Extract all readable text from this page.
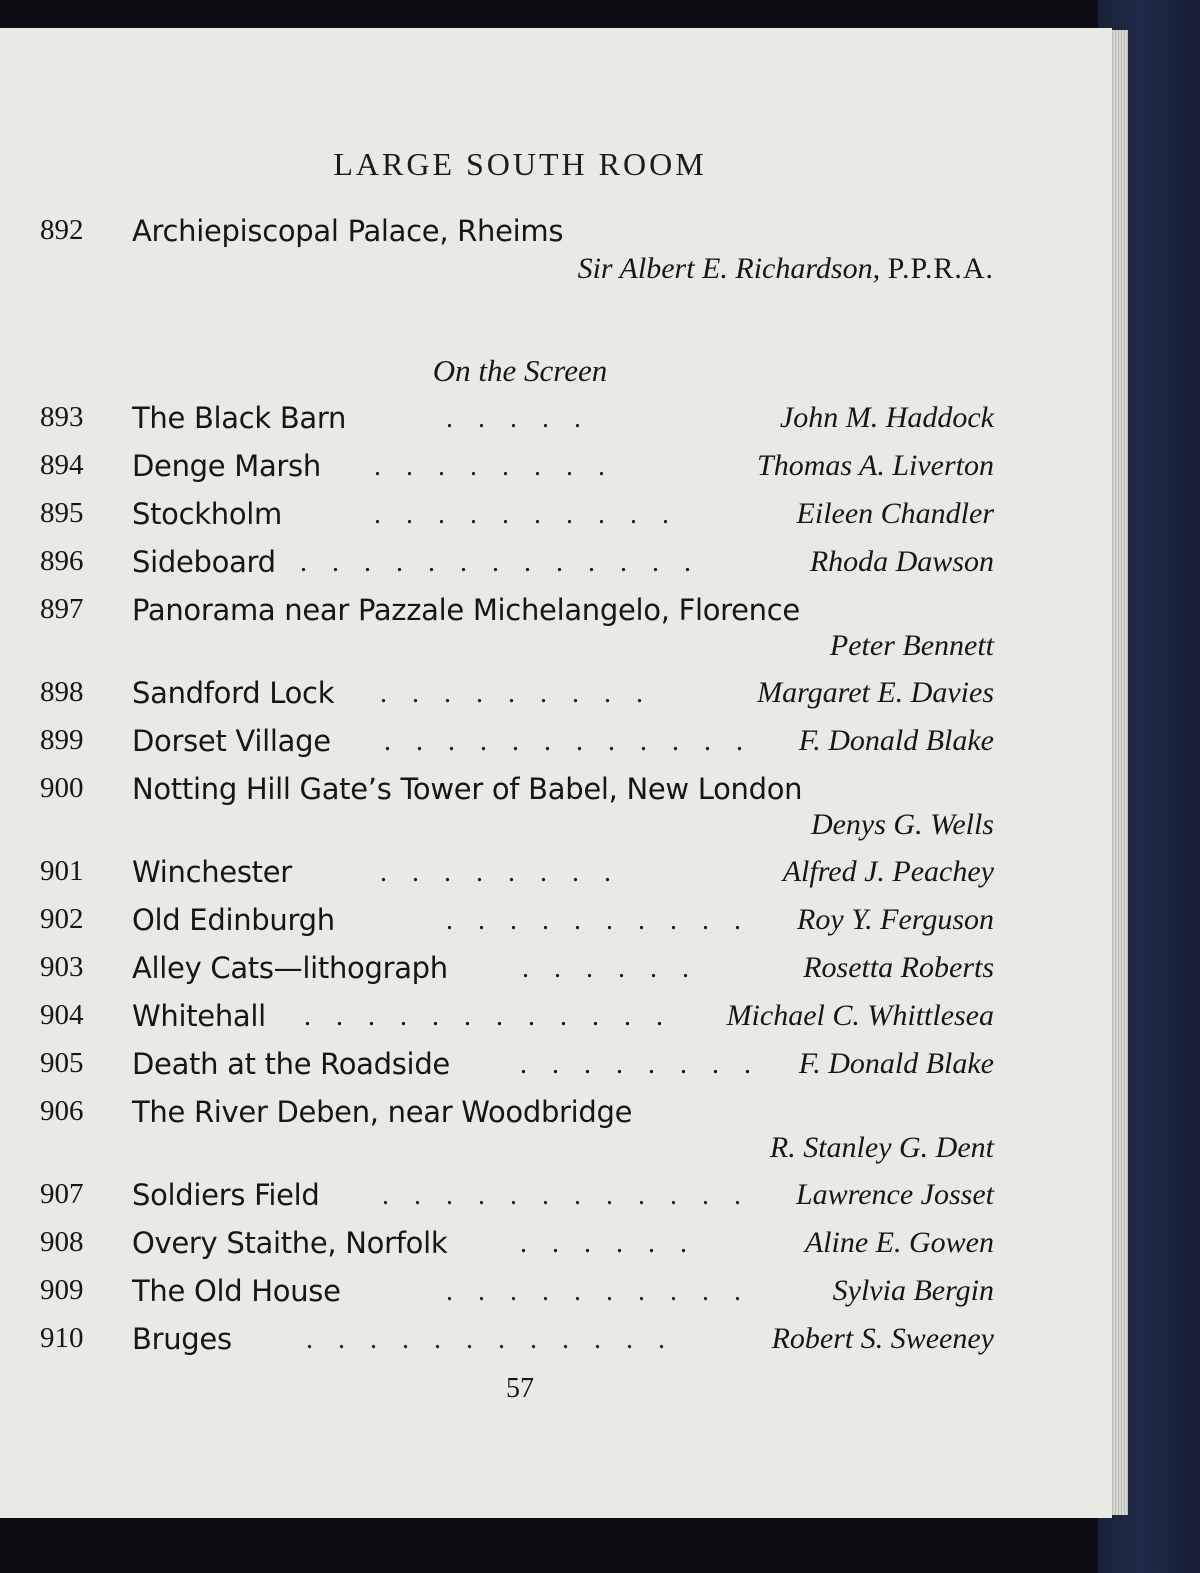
LARGE SOUTH ROOM
892 Archiepiscopal Palace, Rheims
Sir Albert E. Richardson, P.P.R.A.
On the Screen
893 The Black Barn	. . . . .	John M. Haddock
894 Denge Marsh . . . . . . . .	Thomas A. Liverton
895 Stockholm	. . . . . . . . . .	Eileen Chandler
896 Sideboard . . . . . . . . . . . . .	Rhoda Dawson
897 Panorama near Pazzale Michelangelo, Florence
Peter Bennett
898 Sandford Lock . . . . . . . . .	Margaret E. Davies
899 Dorset Village . . . . . . . . . . . . F. Donald Blake
900 Notting Hill Gate’s Tower of Babel, New London
Denys G. Wells
901 Winchester	. . . . . . . .	Alfred J. Peachey
902 Old Edinburgh	. . . . . . . . . . Roy Y. Ferguson
903 Alley Cats—lithograph	. . . . . .	Rosetta Roberts
904 Whitehall . . . . . . . . . . . . Michael C. Whittlesea
905 Death at the Roadside	. . . . . . . . F. Donald Blake
906 The River Deben, near Woodbridge
R. Stanley G. Dent
907 Soldiers Field . . . . . . . . . . . . Lawrence Josset
908 Overy Staithe, Norfolk	. . . . . .	Aline E. Gowen
909 The Old House	. . . . . . . . . .	Sylvia Bergin
910 Bruges	. . . . . . . . . . . .	Robert S. Sweeney
57
